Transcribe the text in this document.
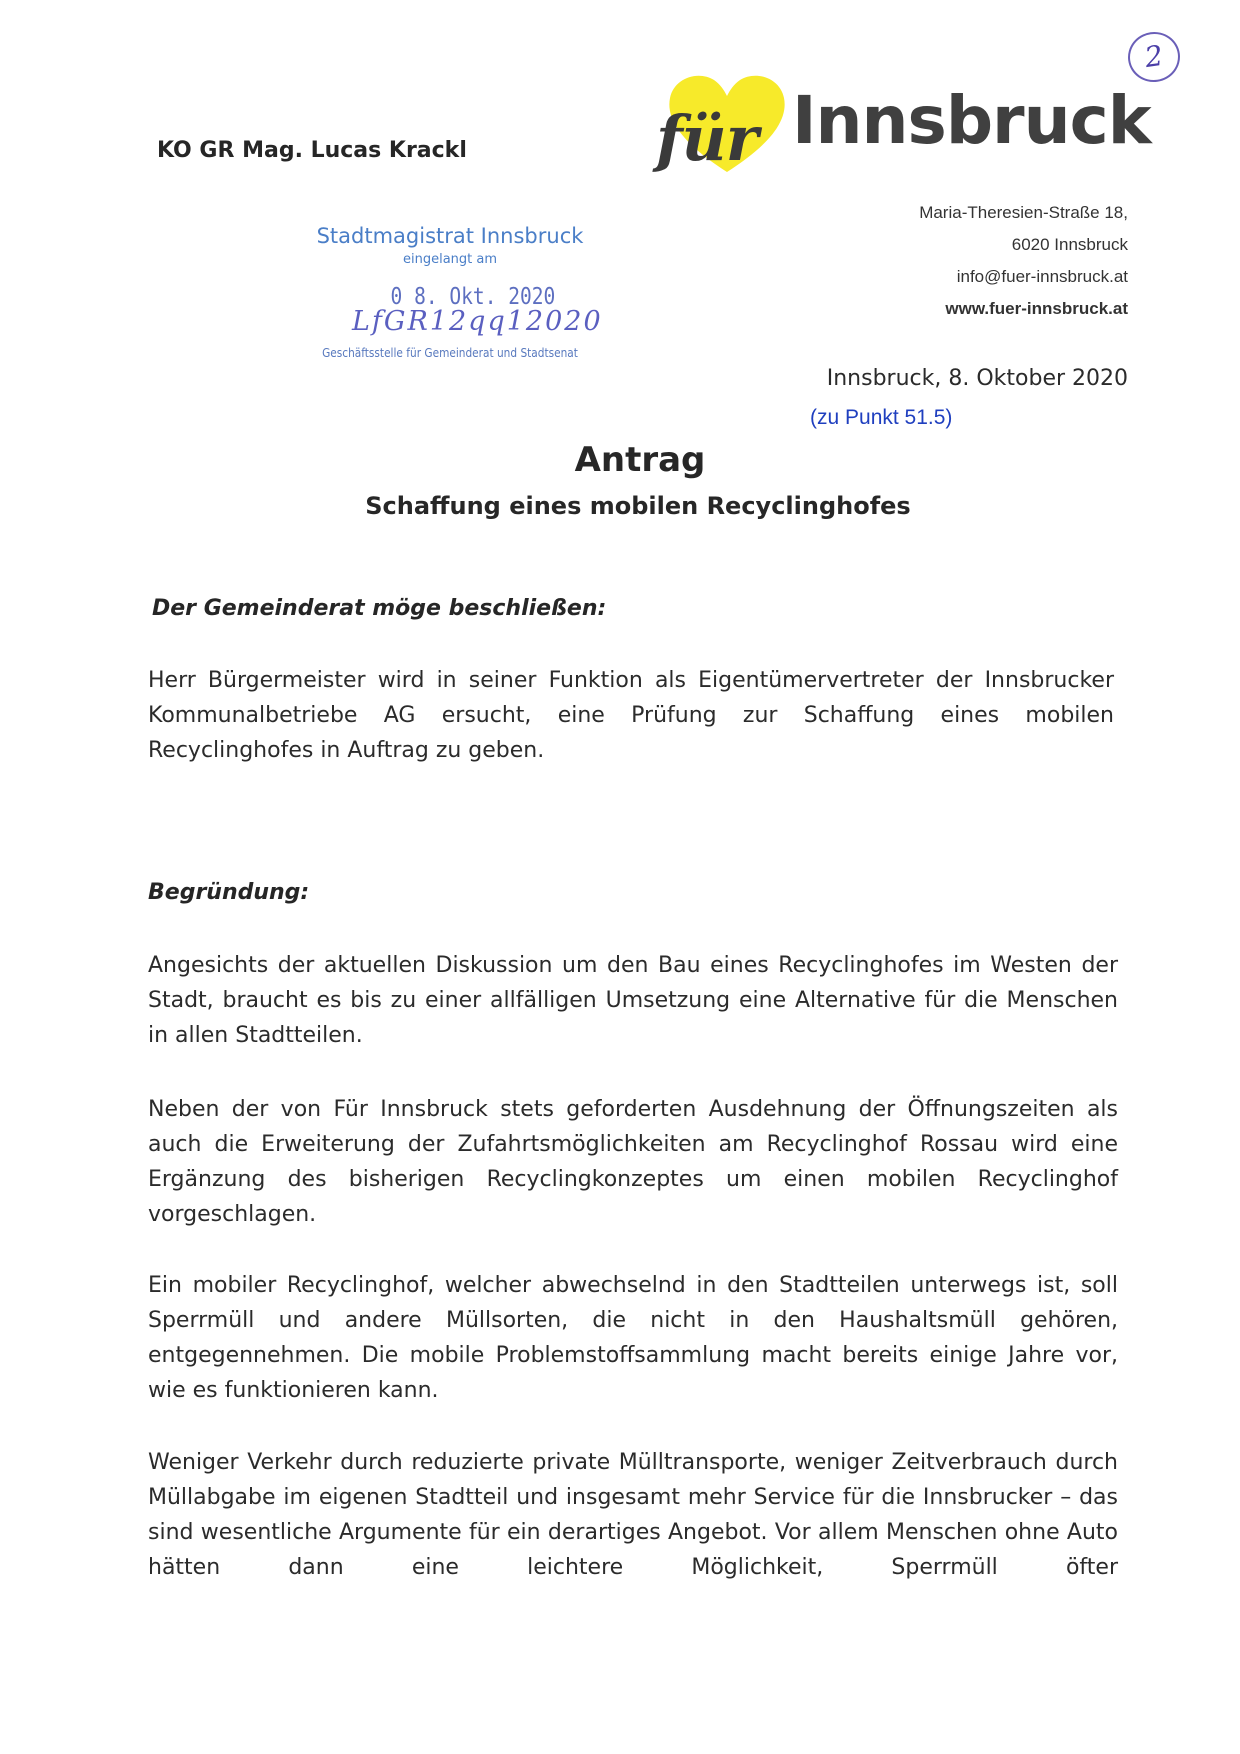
2
KO GR Mag. Lucas Krackl	für Innsbruck
Maria-Theresien-Straße 18,
6020 Innsbruck
info@fuer-innsbruck.at
www.fuer-innsbruck.at
Stadtmagistrat Innsbruck
eingelangt am
0 8. Okt. 2020
LfGR12qq12020
Geschäftsstelle für Gemeinderat und Stadtsenat
Innsbruck, 8. Oktober 2020
(zu Punkt 51.5)
Antrag
Schaffung eines mobilen Recyclinghofes
Der Gemeinderat möge beschließen:
Herr Bürgermeister wird in seiner Funktion als Eigentümervertreter der Innsbrucker Kommunalbetriebe AG ersucht, eine Prüfung zur Schaffung eines mobilen Recyclinghofes in Auftrag zu geben.
Begründung:
Angesichts der aktuellen Diskussion um den Bau eines Recyclinghofes im Westen der Stadt, braucht es bis zu einer allfälligen Umsetzung eine Alternative für die Menschen in allen Stadtteilen.
Neben der von Für Innsbruck stets geforderten Ausdehnung der Öffnungszeiten als auch die Erweiterung der Zufahrtsmöglichkeiten am Recyclinghof Rossau wird eine Ergänzung des bisherigen Recyclingkonzeptes um einen mobilen Recyclinghof vorgeschlagen.
Ein mobiler Recyclinghof, welcher abwechselnd in den Stadtteilen unterwegs ist, soll Sperrmüll und andere Müllsorten, die nicht in den Haushaltsmüll gehören, entgegennehmen. Die mobile Problemstoffsammlung macht bereits einige Jahre vor, wie es funktionieren kann.
Weniger Verkehr durch reduzierte private Mülltransporte, weniger Zeitverbrauch durch Müllabgabe im eigenen Stadtteil und insgesamt mehr Service für die Innsbrucker – das sind wesentliche Argumente für ein derartiges Angebot. Vor allem Menschen ohne Auto hätten dann eine leichtere Möglichkeit, Sperrmüll öfter
